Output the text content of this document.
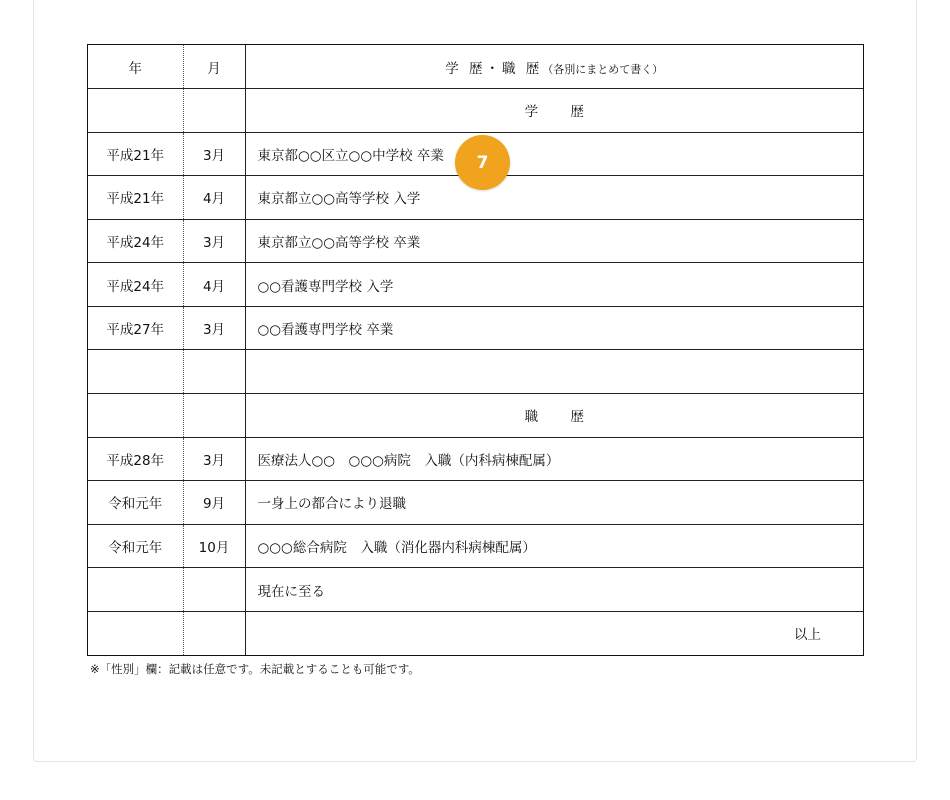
年	月	学 歴・職 歴（各別にまとめて書く）
		学 歴
平成21年	3月	東京都○○区立○○中学校 卒業
平成21年	4月	東京都立○○高等学校 入学
平成24年	3月	東京都立○○高等学校 卒業
平成24年	4月	○○看護専門学校 入学
平成27年	3月	○○看護専門学校 卒業

		職 歴
平成28年	3月	医療法人○○　○○○病院　入職（内科病棟配属）
令和元年	9月	一身上の都合により退職
令和元年	10月	○○○総合病院　入職（消化器内科病棟配属）
		現在に至る
		以上
※「性別」欄：記載は任意です。未記載とすることも可能です。
7
